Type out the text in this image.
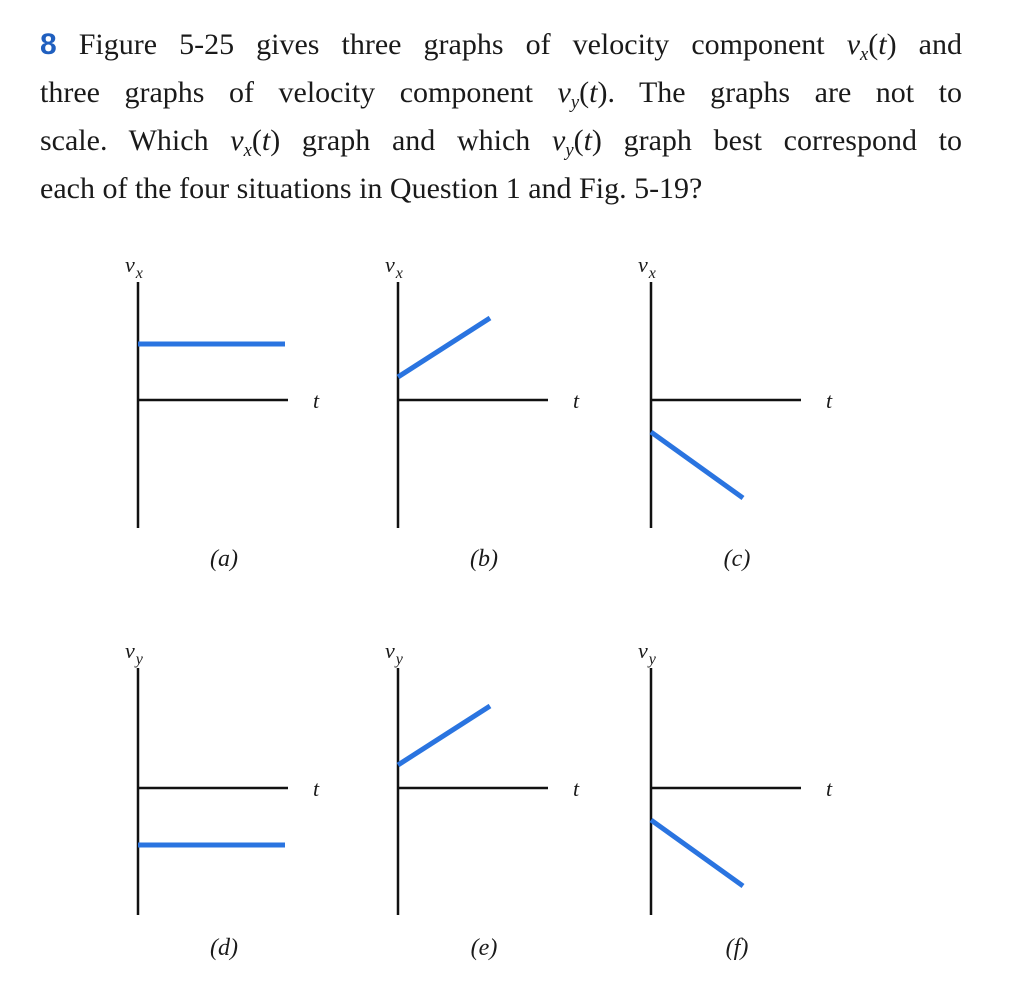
8 Figure 5-25 gives three graphs of velocity component $v_x(t)$ and
three graphs of velocity component $v_y(t)$. The graphs are not to
scale. Which $v_x(t)$ graph and which $v_y(t)$ graph best correspond to
each of the four situations in Question 1 and Fig. 5-19?
$v_x$
t
(a)
$v_x$
t
(b)
$v_x$
t
(c)
$v_y$
t
(d)
$v_y$
t
(e)
$v_y$
t
(f)
